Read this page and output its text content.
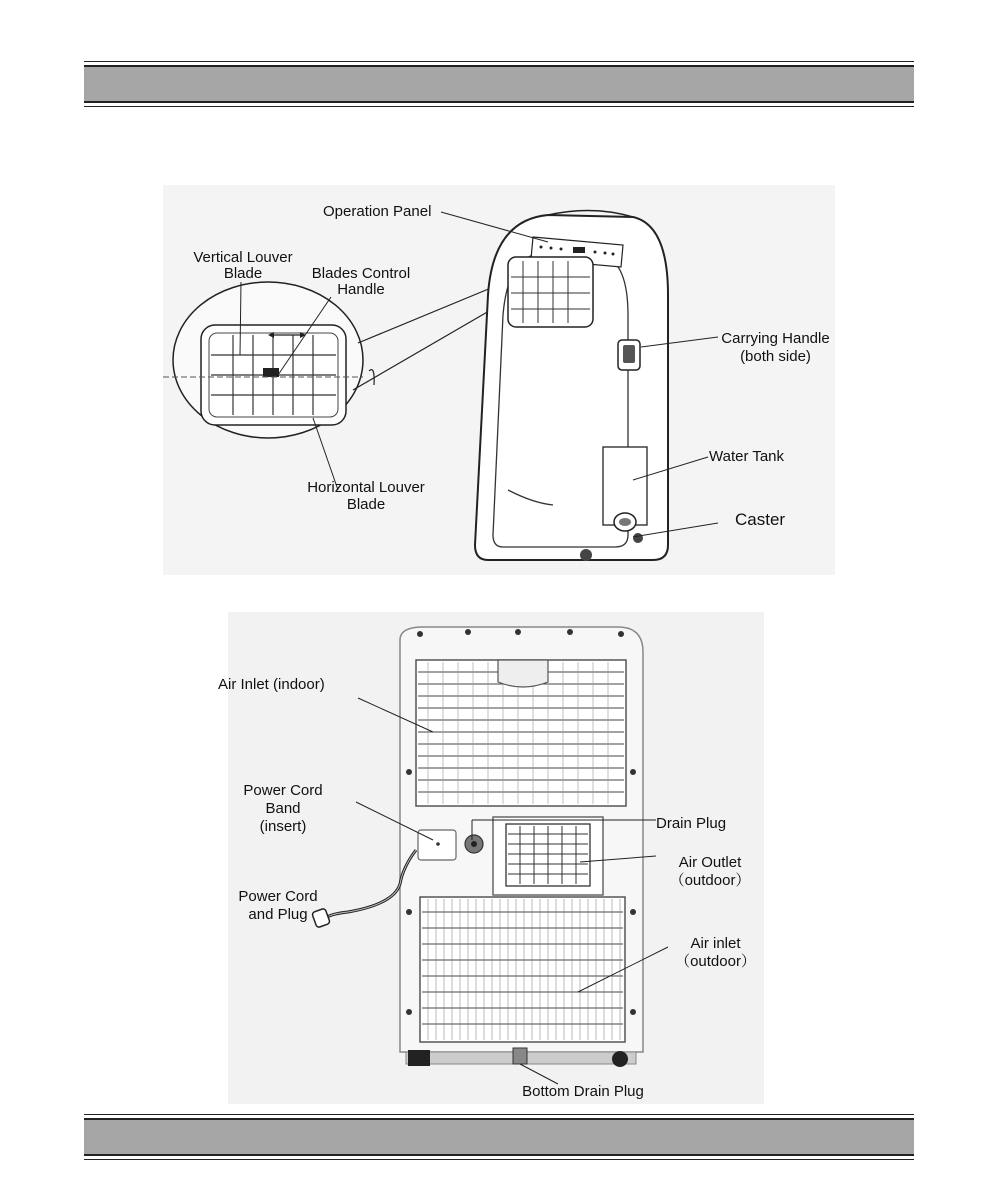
Operation Panel
Vertical Louver
Blade	Blades Control
Handle
Carrying Handle
(both side)
Water Tank
Caster
Horizontal Louver
Blade
Air Inlet (indoor)
Power Cord
Band
(insert)	Drain Plug
Air Outlet
（outdoor）
Power Cord
and Plug
Air inlet
（outdoor）
Bottom Drain Plug
